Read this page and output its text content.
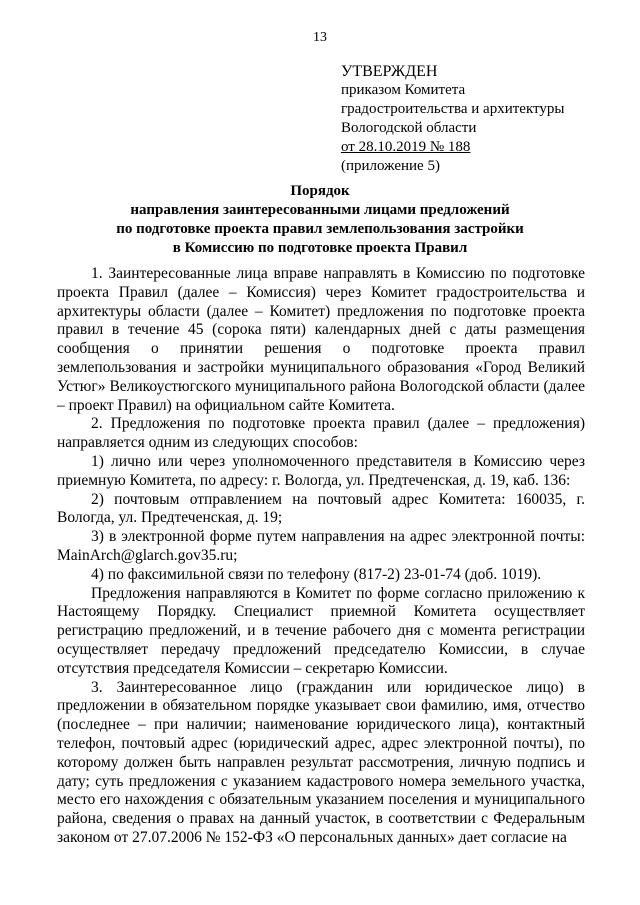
13
УТВЕРЖДЕН
приказом Комитета
градостроительства и архитектуры
Вологодской области
от 28.10.2019 № 188
(приложение 5)
Порядок
направления заинтересованными лицами предложений
по подготовке проекта правил землепользования застройки
в Комиссию по подготовке проекта Правил

1. Заинтересованные лица вправе направлять в Комиссию по подготовке проекта Правил (далее – Комиссия) через Комитет градостроительства и архитектуры области (далее – Комитет) предложения по подготовке проекта правил в течение 45 (сорока пяти) календарных дней с даты размещения сообщения о принятии решения о подготовке проекта правил землепользования и застройки муниципального образования «Город Великий Устюг» Великоустюгского муниципального района Вологодской области (далее – проект Правил) на официальном сайте Комитета.

2. Предложения по подготовке проекта правил (далее – предложения) направляется одним из следующих способов:

1) лично или через уполномоченного представителя в Комиссию через приемную Комитета, по адресу: г. Вологда, ул. Предтеченская, д. 19, каб. 136:

2) почтовым отправлением на почтовый адрес Комитета: 160035, г. Вологда, ул. Предтеченская, д. 19;

3) в электронной форме путем направления на адрес электронной почты: MainArch@glarch.gov35.ru;

4) по факсимильной связи по телефону (817-2) 23-01-74 (доб. 1019).

Предложения направляются в Комитет по форме согласно приложению к Настоящему Порядку. Специалист приемной Комитета осуществляет регистрацию предложений, и в течение рабочего дня с момента регистрации осуществляет передачу предложений председателю Комиссии, в случае отсутствия председателя Комиссии – секретарю Комиссии.

3. Заинтересованное лицо (гражданин или юридическое лицо) в предложении в обязательном порядке указывает свои фамилию, имя, отчество (последнее – при наличии; наименование юридического лица), контактный телефон, почтовый адрес (юридический адрес, адрес электронной почты), по которому должен быть направлен результат рассмотрения, личную подпись и дату; суть предложения с указанием кадастрового номера земельного участка, место его нахождения с обязательным указанием поселения и муниципального района, сведения о правах на данный участок, в соответствии с Федеральным законом от 27.07.2006 № 152-ФЗ «О персональных данных» дает согласие на
